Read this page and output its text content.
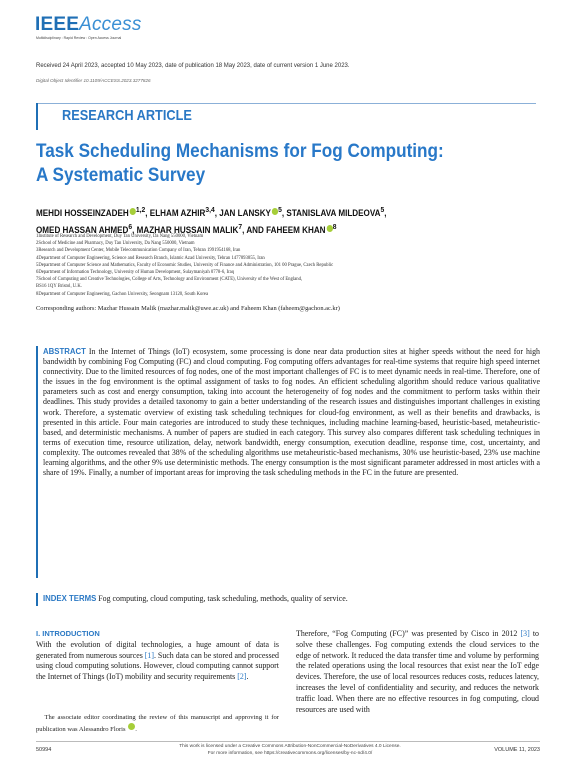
IEEEAccess
Multidisciplinary : Rapid Review : Open Access Journal
Received 24 April 2023, accepted 10 May 2023, date of publication 18 May 2023, date of current version 1 June 2023.
Digital Object Identifier 10.1109/ACCESS.2023.3277826
RESEARCH ARTICLE
Task Scheduling Mechanisms for Fog Computing:
A Systematic Survey
MEHDI HOSSEINZADEH $^{1,2}$, ELHAM AZHIR$^{3,4}$, JAN LANSKY $^5$, STANISLAVA MILDEOVA$^5$,
OMED HASSAN AHMED$^6$, MAZHAR HUSSAIN MALIK$^7$, AND FAHEEM KHAN $^8$
1Institute of Research and Development, Duy Tan University, Da Nang 550000, Vietnam
2School of Medicine and Pharmacy, Duy Tan University, Da Nang 550000, Vietnam
3Research and Development Center, Mobile Telecommunication Company of Iran, Tehran 1991954168, Iran
4Department of Computer Engineering, Science and Research Branch, Islamic Azad University, Tehran 1477893855, Iran
5Department of Computer Science and Mathematics, Faculty of Economic Studies, University of Finance and Administration, 101 00 Prague, Czech Republic
6Department of Information Technology, University of Human Development, Sulaymaniyah 0778-6, Iraq
7School of Computing and Creative Technologies, College of Arts, Technology and Environment (CATE), University of the West of England,
BS16 1QY Bristol, U.K.
8Department of Computer Engineering, Gachon University, Seongnam 13120, South Korea
Corresponding authors: Mazhar Hussain Malik (mazhar.malik@uwe.ac.uk) and Faheem Khan (faheem@gachon.ac.kr)
ABSTRACT In the Internet of Things (IoT) ecosystem, some processing is done near data production sites at higher speeds without the need for high bandwidth by combining Fog Computing (FC) and cloud computing. Fog computing offers advantages for real-time systems that require high speed internet connectivity. Due to the limited resources of fog nodes, one of the most important challenges of FC is to meet dynamic needs in real-time. Therefore, one of the issues in the fog environment is the optimal assignment of tasks to fog nodes. An efficient scheduling algorithm should reduce various qualitative parameters such as cost and energy consumption, taking into account the heterogeneity of fog nodes and the commitment to perform tasks within their deadlines. This study provides a detailed taxonomy to gain a better understanding of the research issues and distinguishes important challenges in existing work. Therefore, a systematic overview of existing task scheduling techniques for cloud-fog environment, as well as their benefits and drawbacks, is presented in this article. Four main categories are introduced to study these techniques, including machine learning-based, heuristic-based, metaheuristic-based, and deterministic mechanisms. A number of papers are studied in each category. This survey also compares different task scheduling techniques in terms of execution time, resource utilization, delay, network bandwidth, energy consumption, execution deadline, response time, cost, uncertainty, and complexity. The outcomes revealed that 38% of the scheduling algorithms use metaheuristic-based mechanisms, 30% use heuristic-based, 23% use machine learning algorithms, and the other 9% use deterministic methods. The energy consumption is the most significant parameter addressed in most articles with a share of 19%. Finally, a number of important areas for improving the task scheduling methods in the FC in the future are presented.
INDEX TERMS Fog computing, cloud computing, task scheduling, methods, quality of service.
I. INTRODUCTION
With the evolution of digital technologies, a huge amount of data is generated from numerous sources [1]. Such data can be stored and processed using cloud computing solutions. However, cloud computing cannot support the Internet of Things (IoT) mobility and security requirements [2].
The associate editor coordinating the review of this manuscript and approving it for publication was Alessandro Floris .
Therefore, “Fog Computing (FC)” was presented by Cisco in 2012 [3] to solve these challenges. Fog computing extends the cloud services to the edge of network. It reduced the data transfer time and volume by performing the related operations using the local resources that exist near the IoT edge devices. Therefore, the use of local resources reduces costs, reduces latency, increases the level of confidentiality and security, and reduces the network traffic load. When there are no effective resources in fog computing, cloud resources are used with
50994
This work is licensed under a Creative Commons Attribution-NonCommercial-NoDerivatives 4.0 License.
For more information, see https://creativecommons.org/licenses/by-nc-nd/4.0/
VOLUME 11, 2023
